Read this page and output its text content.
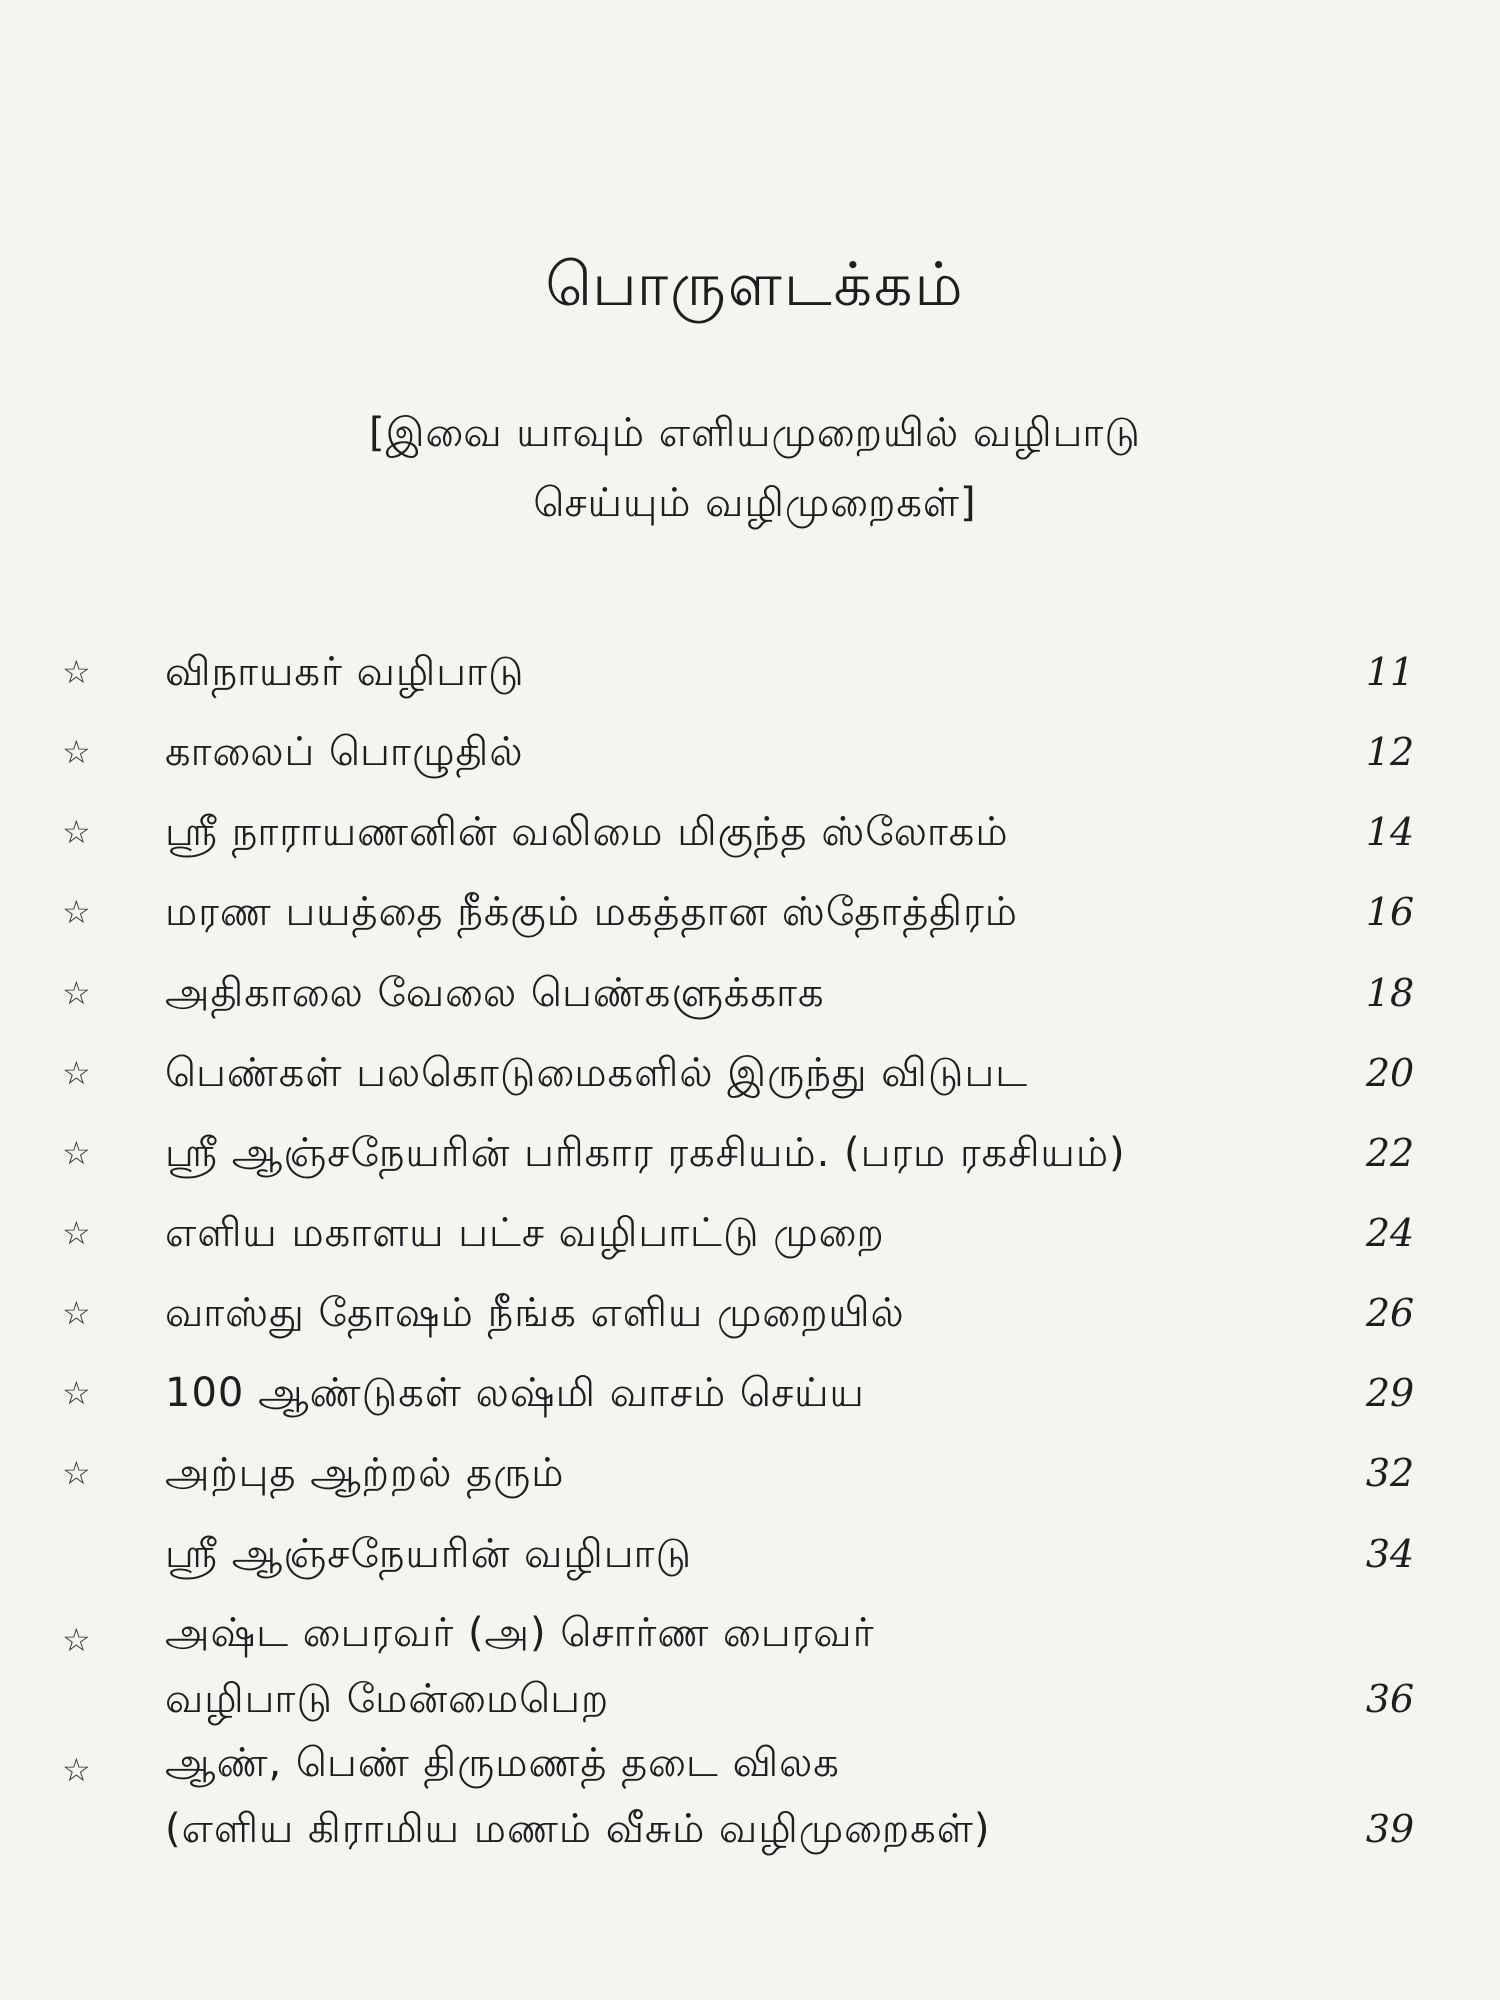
பொருளடக்கம்
[இவை யாவும் எளியமுறையில் வழிபாடு
செய்யும் வழிமுறைகள்]
☆ விநாயகர் வழிபாடு	11
☆ காலைப் பொழுதில்	12
☆ ஸ்ரீ நாராயணனின் வலிமை மிகுந்த ஸ்லோகம்	14
☆ மரண பயத்தை நீக்கும் மகத்தான ஸ்தோத்திரம்	16
☆ அதிகாலை வேலை பெண்களுக்காக	18
☆ பெண்கள் பலகொடுமைகளில் இருந்து விடுபட	20
☆ ஸ்ரீ ஆஞ்சநேயரின் பரிகார ரகசியம். (பரம ரகசியம்)	22
☆ எளிய மகாளய பட்ச வழிபாட்டு முறை	24
☆ வாஸ்து தோஷம் நீங்க எளிய முறையில்	26
☆ 100 ஆண்டுகள் லஷ்மி வாசம் செய்ய	29
☆ அற்புத ஆற்றல் தரும்	32
ஸ்ரீ ஆஞ்சநேயரின் வழிபாடு	34
☆ அஷ்ட பைரவர் (அ) சொர்ண பைரவர்
வழிபாடு மேன்மைபெற	36
☆ ஆண், பெண் திருமணத் தடை விலக
(எளிய கிராமிய மணம் வீசும் வழிமுறைகள்)	39
